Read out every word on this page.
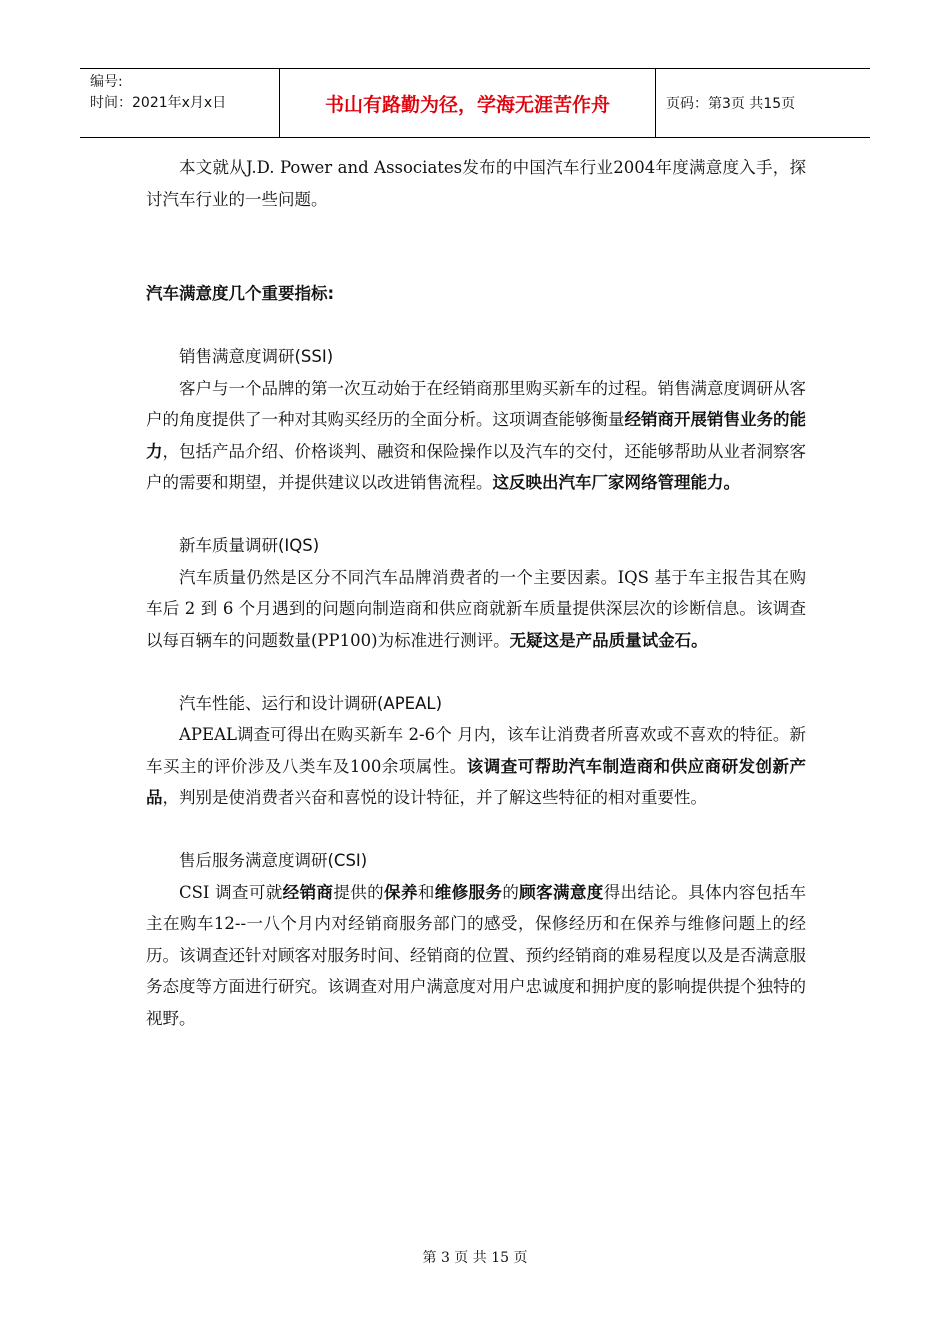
编号:
时间：2021年x月x日	书山有路勤为径，学海无涯苦作舟	页码：第3页 共15页

本文就从J.D. Power and Associates发布的中国汽车行业2004年度满意度入手，探讨汽车行业的一些问题。

汽车满意度几个重要指标:
销售满意度调研(SSI)

客户与一个品牌的第一次互动始于在经销商那里购买新车的过程。销售满意度调研从客户的角度提供了一种对其购买经历的全面分析。这项调查能够衡量经销商开展销售业务的能力，包括产品介绍、价格谈判、融资和保险操作以及汽车的交付，还能够帮助从业者洞察客户的需要和期望，并提供建议以改进销售流程。这反映出汽车厂家网络管理能力。

新车质量调研(IQS)

汽车质量仍然是区分不同汽车品牌消费者的一个主要因素。IQS 基于车主报告其在购车后 2 到 6 个月遇到的问题向制造商和供应商就新车质量提供深层次的诊断信息。该调查以每百辆车的问题数量(PP100)为标准进行测评。无疑这是产品质量试金石。

汽车性能、运行和设计调研(APEAL)

APEAL调查可得出在购买新车 2-6个 月内，该车让消费者所喜欢或不喜欢的特征。新车买主的评价涉及八类车及100余项属性。该调查可帮助汽车制造商和供应商研发创新产品，判别是使消费者兴奋和喜悦的设计特征，并了解这些特征的相对重要性。

售后服务满意度调研(CSI)

CSI 调查可就经销商提供的保养和维修服务的顾客满意度得出结论。具体内容包括车主在购车12--一八个月内对经销商服务部门的感受，保修经历和在保养与维修问题上的经历。该调查还针对顾客对服务时间、经销商的位置、预约经销商的难易程度以及是否满意服务态度等方面进行研究。该调查对用户满意度对用户忠诚度和拥护度的影响提供提个独特的视野。

第 3 页 共 15 页
